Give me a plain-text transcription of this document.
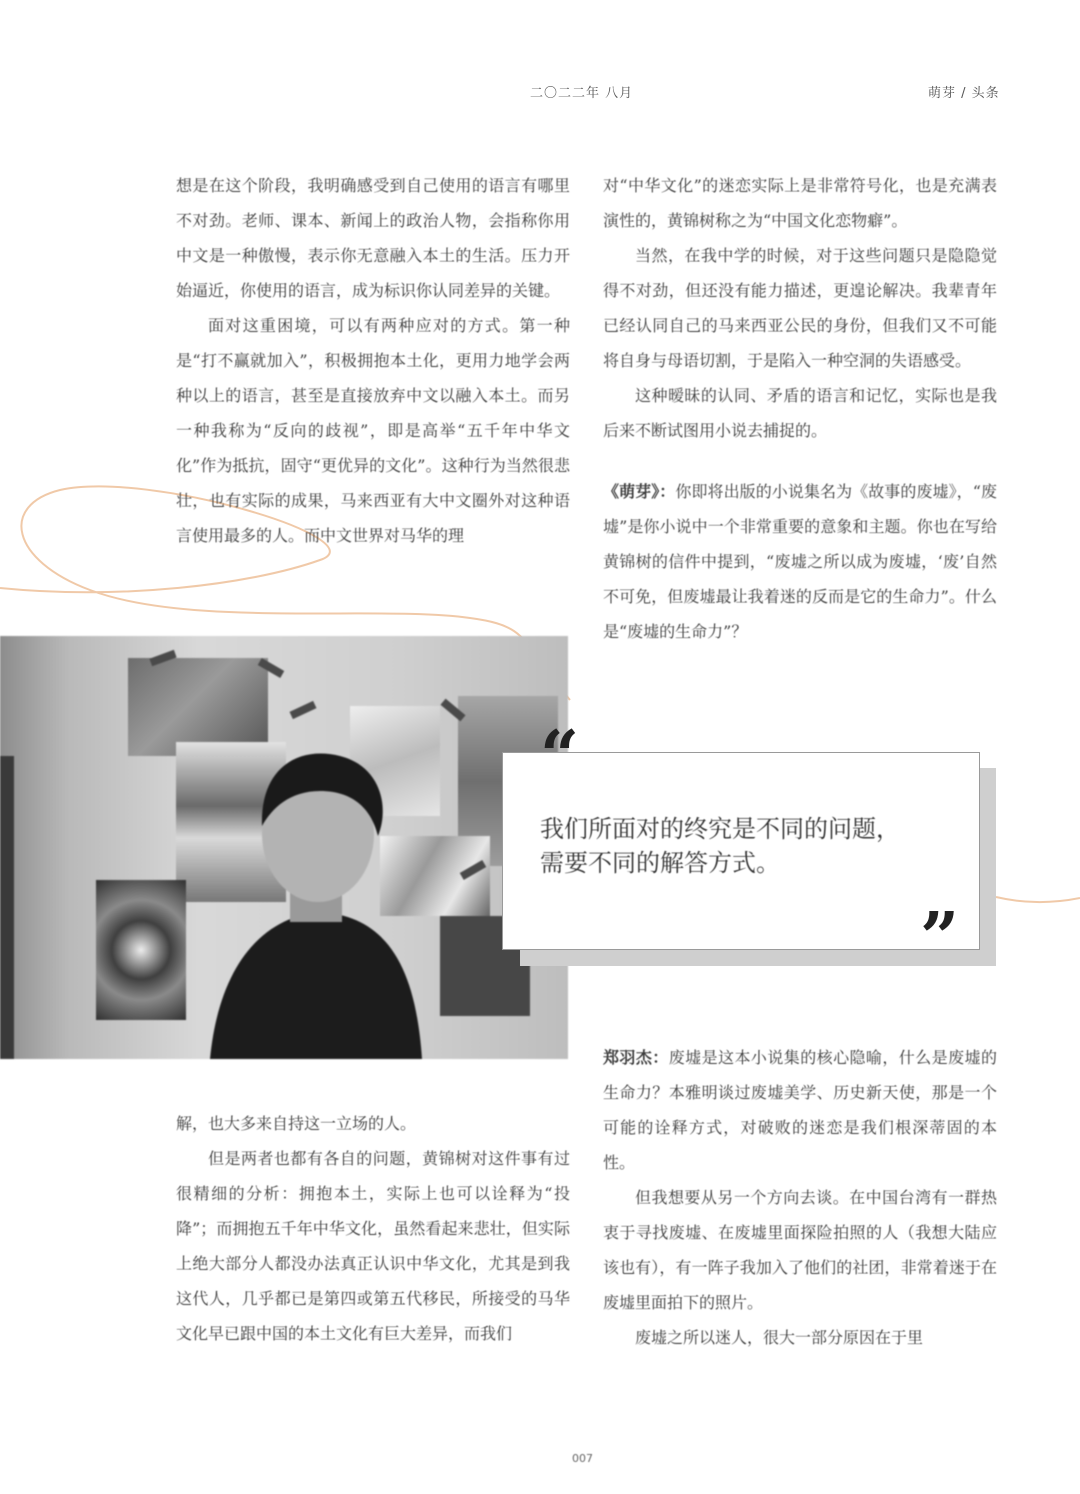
二〇二二年 八月	萌芽 / 头条

想是在这个阶段，我明确感受到自己使用的语言有哪里不对劲。老师、课本、新闻上的政治人物，会指称你用中文是一种傲慢，表示你无意融入本土的生活。压力开始逼近，你使用的语言，成为标识你认同差异的关键。

面对这重困境，可以有两种应对的方式。第一种是“打不赢就加入”，积极拥抱本土化，更用力地学会两种以上的语言，甚至是直接放弃中文以融入本土。而另一种我称为“反向的歧视”，即是高举“五千年中华文化”作为抵抗，固守“更优异的文化”。这种行为当然很悲壮，也有实际的成果，马来西亚有大中文圈外对这种语言使用最多的人。而中文世界对马华的理

对“中华文化”的迷恋实际上是非常符号化，也是充满表演性的，黄锦树称之为“中国文化恋物癖”。

当然，在我中学的时候，对于这些问题只是隐隐觉得不对劲，但还没有能力描述，更遑论解决。我辈青年已经认同自己的马来西亚公民的身份，但我们又不可能将自身与母语切割，于是陷入一种空洞的失语感受。

这种暧昧的认同、矛盾的语言和记忆，实际也是我后来不断试图用小说去捕捉的。

《萌芽》：你即将出版的小说集名为《故事的废墟》，“废墟”是你小说中一个非常重要的意象和主题。你也在写给黄锦树的信件中提到，“废墟之所以成为废墟，‘废’自然不可免，但废墟最让我着迷的反而是它的生命力”。什么是“废墟的生命力”？

“
我们所面对的终究是不同的问题，
需要不同的解答方式。
”

解，也大多来自持这一立场的人。

但是两者也都有各自的问题，黄锦树对这件事有过很精细的分析：拥抱本土，实际上也可以诠释为“投降”；而拥抱五千年中华文化，虽然看起来悲壮，但实际上绝大部分人都没办法真正认识中华文化，尤其是到我这代人，几乎都已是第四或第五代移民，所接受的马华文化早已跟中国的本土文化有巨大差异，而我们

郑羽杰：废墟是这本小说集的核心隐喻，什么是废墟的生命力？本雅明谈过废墟美学、历史新天使，那是一个可能的诠释方式，对破败的迷恋是我们根深蒂固的本性。

但我想要从另一个方向去谈。在中国台湾有一群热衷于寻找废墟、在废墟里面探险拍照的人（我想大陆应该也有），有一阵子我加入了他们的社团，非常着迷于在废墟里面拍下的照片。

废墟之所以迷人，很大一部分原因在于里

007
